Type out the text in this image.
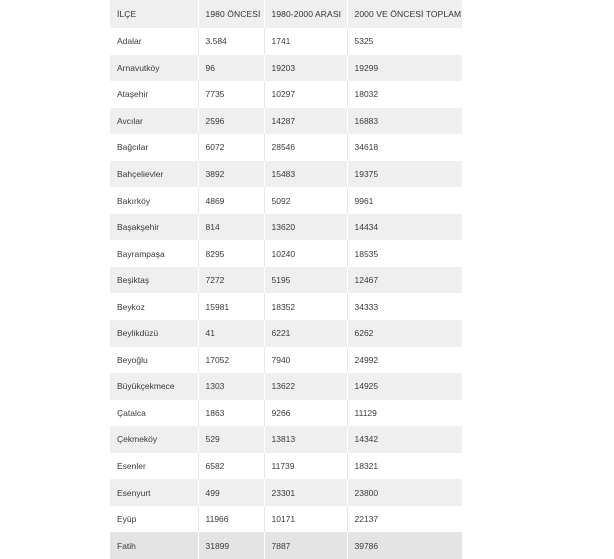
İLÇE	1980 ÖNCESİ	1980-2000 ARASI	2000 VE ÖNCESİ TOPLAM
Adalar	3.584	1741	5325
Arnavutköy	96	19203	19299
Ataşehir	7735	10297	18032
Avcılar	2596	14287	16883
Bağcılar	6072	28546	34618
Bahçelievler	3892	15483	19375
Bakırköy	4869	5092	9961
Başakşehir	814	13620	14434
Bayrampaşa	8295	10240	18535
Beşiktaş	7272	5195	12467
Beykoz	15981	18352	34333
Beylikdüzü	41	6221	6262
Beyoğlu	17052	7940	24992
Büyükçekmece	1303	13622	14925
Çatalca	1863	9266	11129
Çekmeköy	529	13813	14342
Esenler	6582	11739	18321
Esenyurt	499	23301	23800
Eyüp	11966	10171	22137
Fatih	31899	7887	39786
